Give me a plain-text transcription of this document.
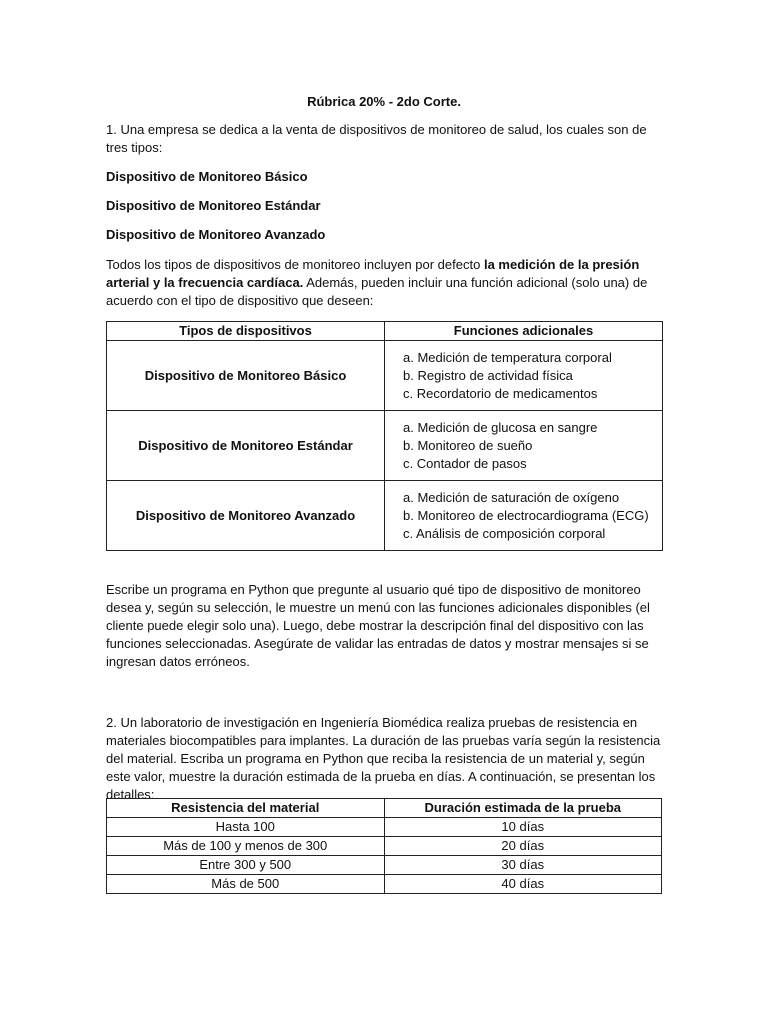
Rúbrica 20% - 2do Corte.

1. Una empresa se dedica a la venta de dispositivos de monitoreo de salud, los cuales son de tres tipos:

Dispositivo de Monitoreo Básico

Dispositivo de Monitoreo Estándar

Dispositivo de Monitoreo Avanzado

Todos los tipos de dispositivos de monitoreo incluyen por defecto la medición de la presión arterial y la frecuencia cardíaca. Además, pueden incluir una función adicional (solo una) de acuerdo con el tipo de dispositivo que deseen:

Tipos de dispositivos	Funciones adicionales
Dispositivo de Monitoreo Básico	a. Medición de temperatura corporal
b. Registro de actividad física
c. Recordatorio de medicamentos

Dispositivo de Monitoreo Estándar	a. Medición de glucosa en sangre
b. Monitoreo de sueño
c. Contador de pasos

Dispositivo de Monitoreo Avanzado	a. Medición de saturación de oxígeno
b. Monitoreo de electrocardiograma (ECG)
c. Análisis de composición corporal

Escribe un programa en Python que pregunte al usuario qué tipo de dispositivo de monitoreo desea y, según su selección, le muestre un menú con las funciones adicionales disponibles (el cliente puede elegir solo una). Luego, debe mostrar la descripción final del dispositivo con las funciones seleccionadas. Asegúrate de validar las entradas de datos y mostrar mensajes si se ingresan datos erróneos.

2. Un laboratorio de investigación en Ingeniería Biomédica realiza pruebas de resistencia en materiales biocompatibles para implantes. La duración de las pruebas varía según la resistencia del material. Escriba un programa en Python que reciba la resistencia de un material y, según este valor, muestre la duración estimada de la prueba en días. A continuación, se presentan los detalles:

Resistencia del material	Duración estimada de la prueba
Hasta 100	10 días
Más de 100 y menos de 300	20 días
Entre 300 y 500	30 días
Más de 500	40 días
